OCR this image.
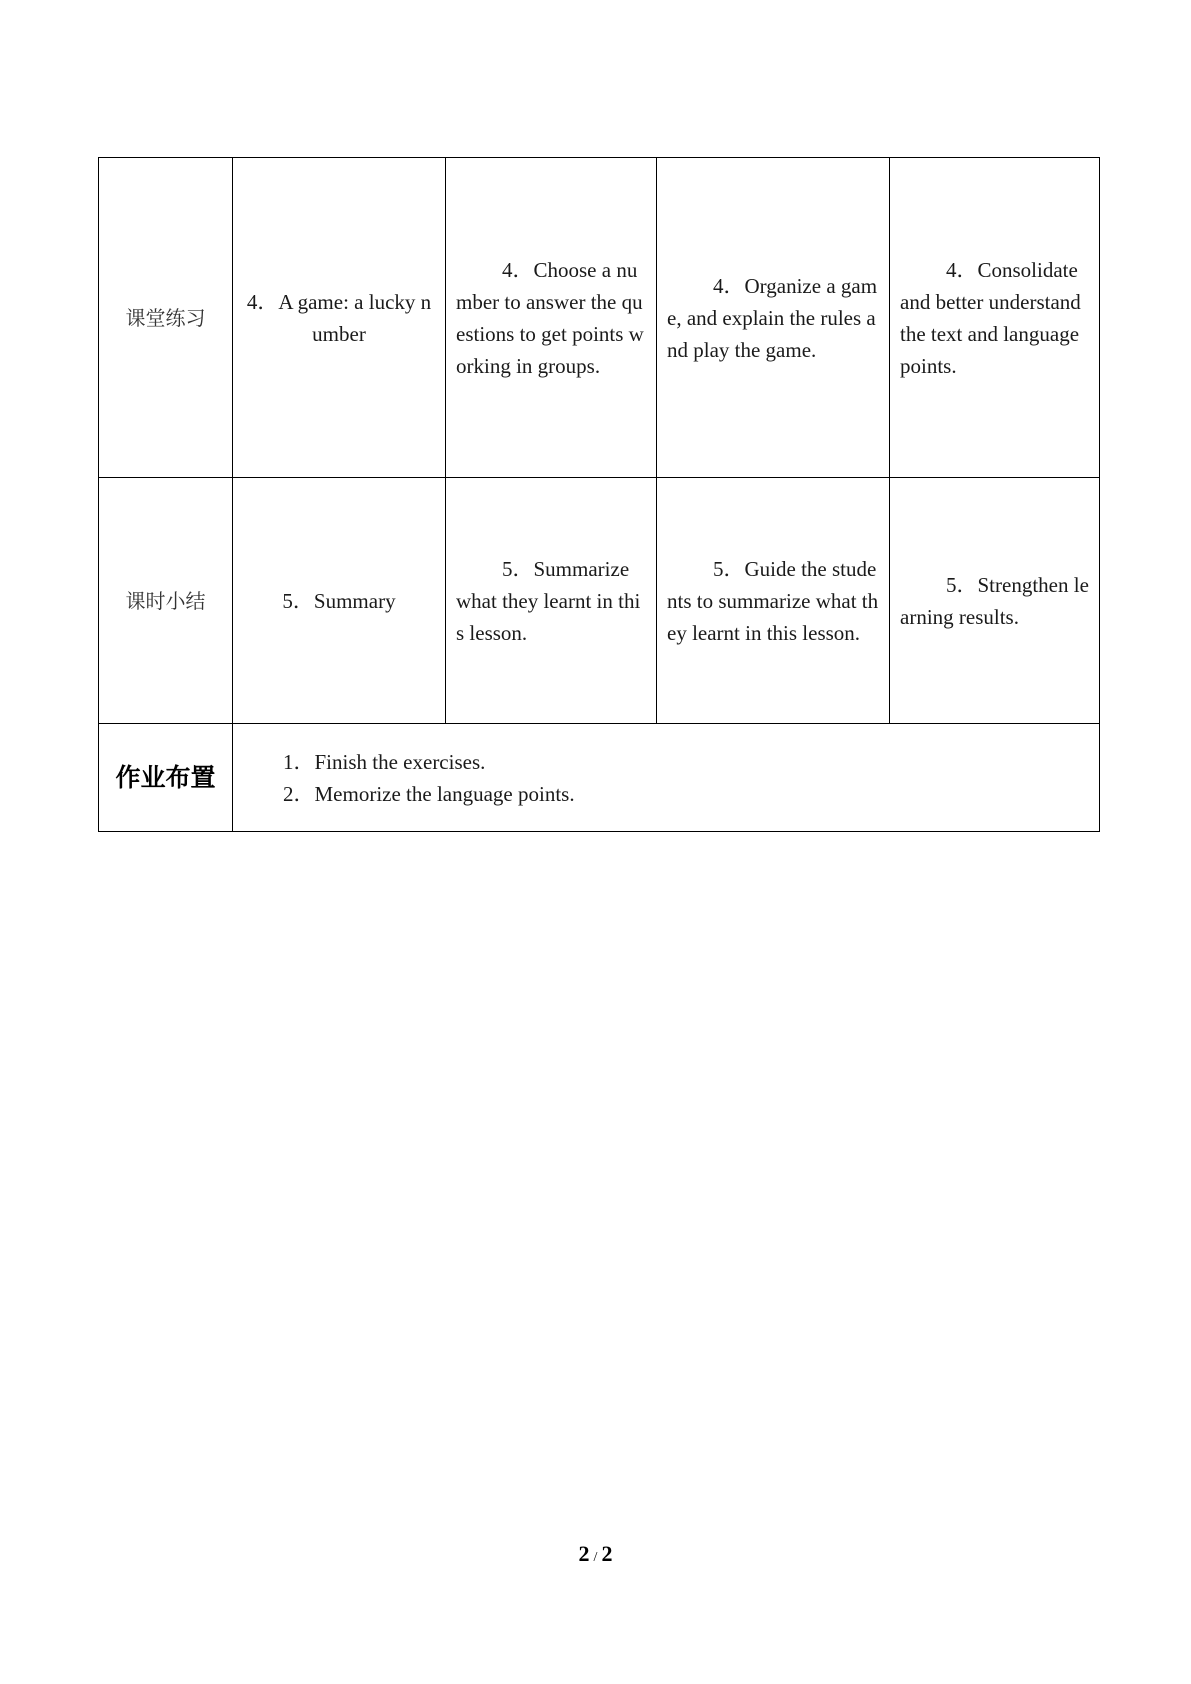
课堂练习	4．A game: a lucky number	4．Choose a number to answer the questions to get points working in groups.	4．Organize a game, and explain the rules and play the game.	4．Consolidate and better understand the text and language points.
课时小结	5．Summary	5．Summarize what they learnt in this lesson.	5．Guide the students to summarize what they learnt in this lesson.	5．Strengthen learning results.
作业布置	1．Finish the exercises.
2．Memorize the language points.			
2 / 2
